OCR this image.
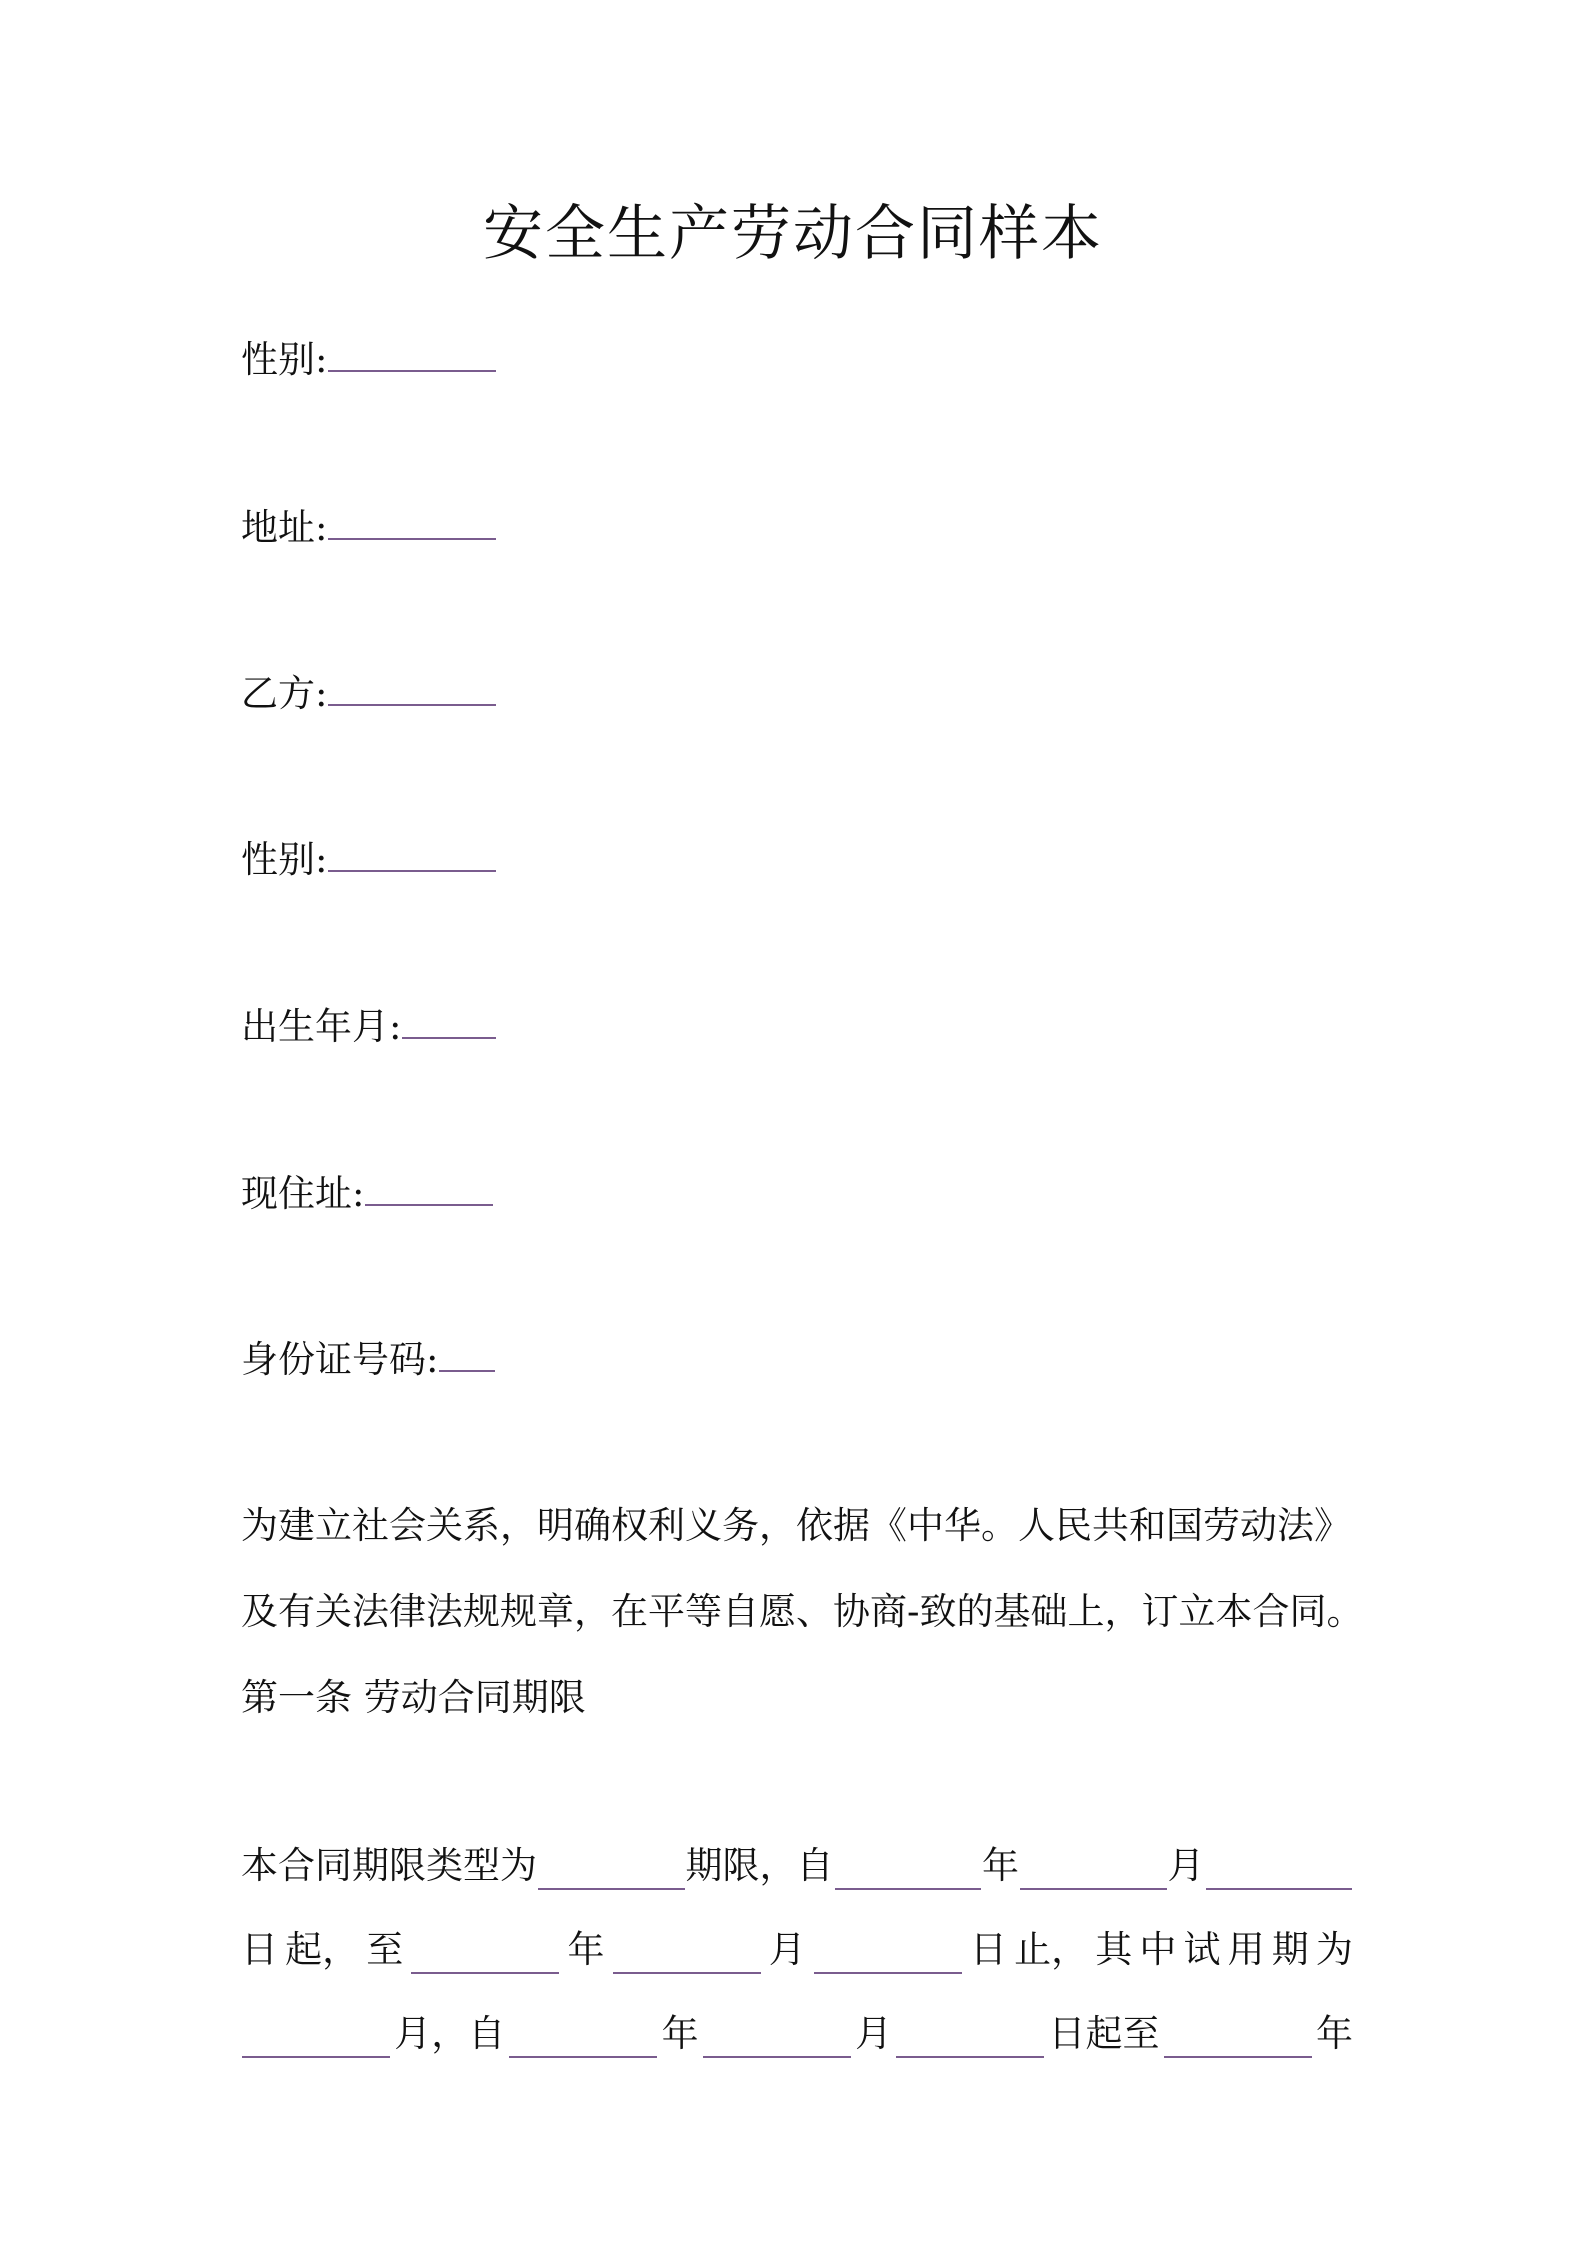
安全生产劳动合同样本
性别:
地址:
乙方:
性别:
出生年月:
现住址:
身份证号码:
为建立社会关系，明确权利义务，依据《中华。人民共和国劳动法》
及有关法律法规规章，在平等自愿、协商-致的基础上，订立本合同。
第一条 劳动合同期限
本合同期限类型为	期限，自	年	月
日 起， 至	年	月	日 止， 其 中 试 用 期 为
月，自	年	月	日起至	年
